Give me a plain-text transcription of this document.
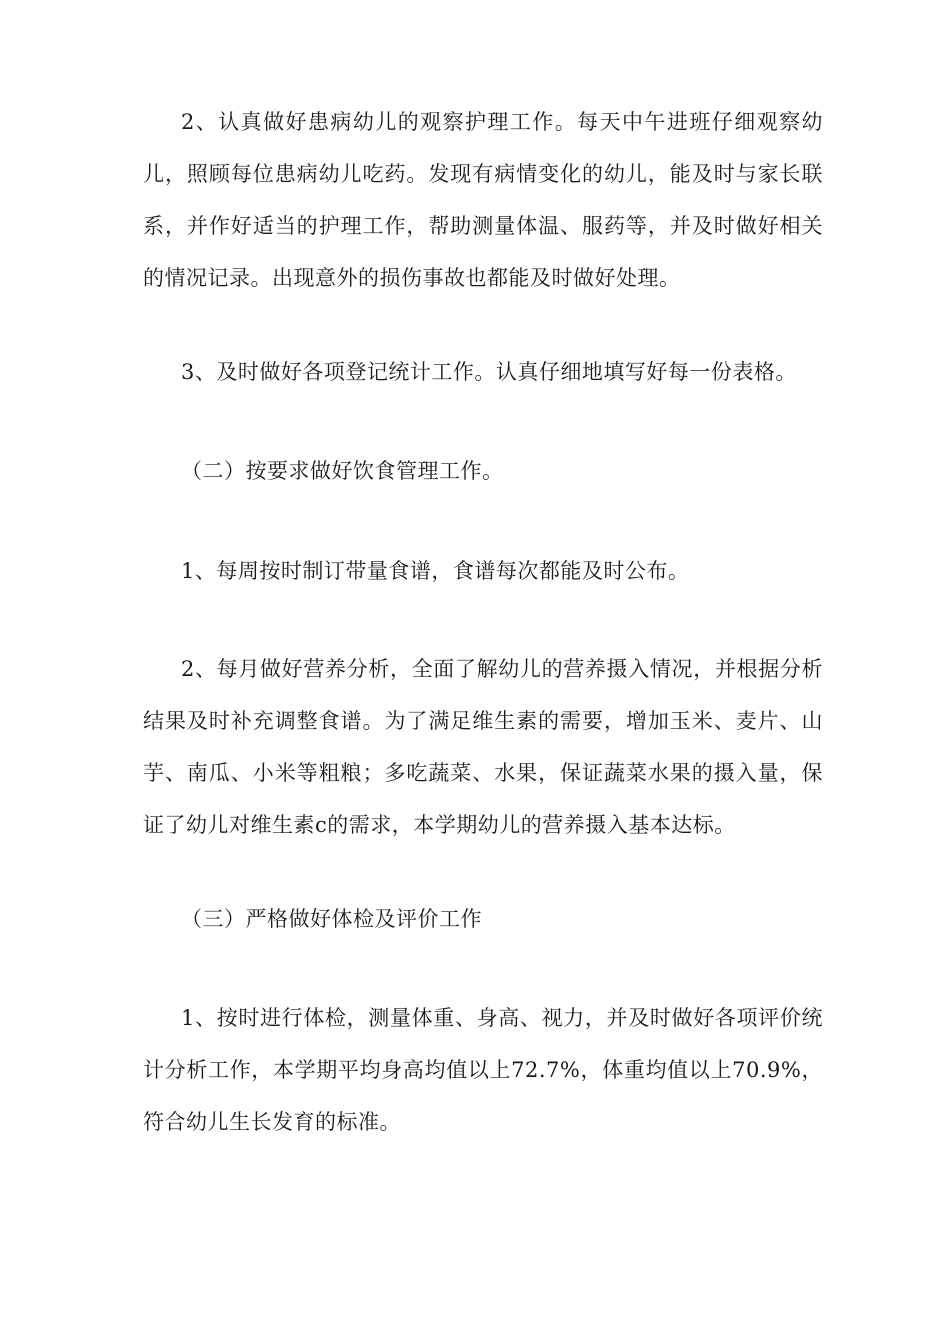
2、认真做好患病幼儿的观察护理工作。每天中午进班仔细观察幼儿，照顾每位患病幼儿吃药。发现有病情变化的幼儿，能及时与家长联系，并作好适当的护理工作，帮助测量体温、服药等，并及时做好相关的情况记录。出现意外的损伤事故也都能及时做好处理。

3、及时做好各项登记统计工作。认真仔细地填写好每一份表格。

（二）按要求做好饮食管理工作。

1、每周按时制订带量食谱，食谱每次都能及时公布。

2、每月做好营养分析，全面了解幼儿的营养摄入情况，并根据分析结果及时补充调整食谱。为了满足维生素的需要，增加玉米、麦片、山芋、南瓜、小米等粗粮；多吃蔬菜、水果，保证蔬菜水果的摄入量，保证了幼儿对维生素c的需求，本学期幼儿的营养摄入基本达标。

（三）严格做好体检及评价工作

1、按时进行体检，测量体重、身高、视力，并及时做好各项评价统计分析工作，本学期平均身高均值以上72.7%，体重均值以上70.9%，符合幼儿生长发育的标准。
